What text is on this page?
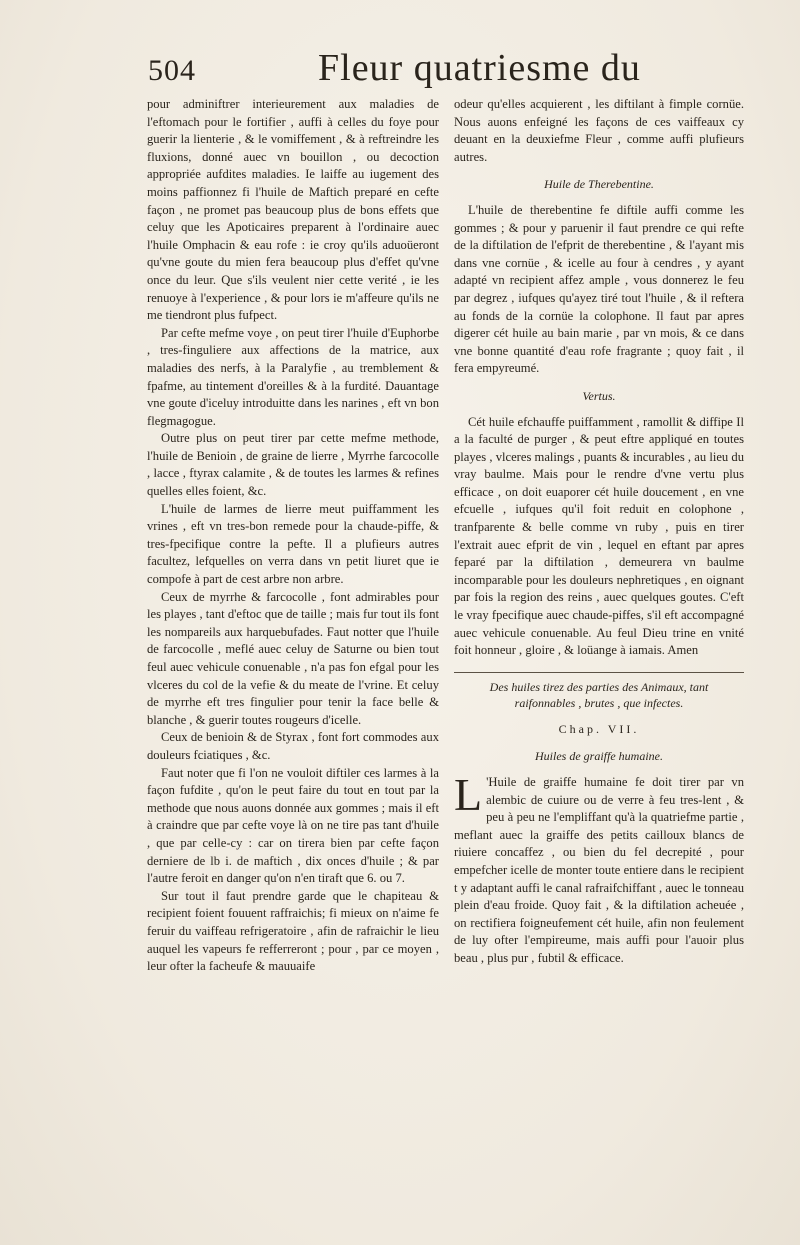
504	Fleur quatriesme du

pour adminiftrer interieurement aux maladies de l'eftomach pour le fortifier , auffi à celles du foye pour guerir la lienterie , & le vomiffement , & à reftreindre les fluxions, donné auec vn bouillon , ou decoction appropriée aufdites maladies. Ie laiffe au iugement des moins paffionnez fi l'huile de Maftich preparé en cefte façon , ne promet pas beaucoup plus de bons effets que celuy que les Apoticaires preparent à l'ordinaire auec l'huile Omphacin & eau rofe : ie croy qu'ils aduoüeront qu'vne goute du mien fera beaucoup plus d'effet qu'vne once du leur. Que s'ils veulent nier cette verité , ie les renuoye à l'experience , & pour lors ie m'affeure qu'ils ne me tiendront plus fufpect.

Par cefte mefme voye , on peut tirer l'huile d'Euphorbe , tres-finguliere aux affections de la matrice, aux maladies des nerfs, à la Paralyfie , au tremblement & fpafme, au tintement d'oreilles & à la furdité. Dauantage vne goute d'iceluy introduitte dans les narines , eft vn bon flegmagogue.

Outre plus on peut tirer par cette mefme methode, l'huile de Benioin , de graine de lierre , Myrrhe farcocolle , lacce , ftyrax calamite , & de toutes les larmes & refines quelles elles foient, &c.

L'huile de larmes de lierre meut puiffamment les vrines , eft vn tres-bon remede pour la chaude-piffe, & tres-fpecifique contre la pefte. Il a plufieurs autres facultez, lefquelles on verra dans vn petit liuret que ie compofe à part de cest arbre non arbre.

Ceux de myrrhe & farcocolle , font admirables pour les playes , tant d'eftoc que de taille ; mais fur tout ils font les nompareils aux harquebufades. Faut notter que l'huile de farcocolle , meflé auec celuy de Saturne ou bien tout feul auec vehicule conuenable , n'a pas fon efgal pour les vlceres du col de la vefie & du meate de l'vrine. Et celuy de myrrhe eft tres fingulier pour tenir la face belle & blanche , & guerir toutes rougeurs d'icelle.

Ceux de benioin & de Styrax , font fort commodes aux douleurs fciatiques , &c.

Faut noter que fi l'on ne vouloit diftiler ces larmes à la façon fufdite , qu'on le peut faire du tout en tout par la methode que nous auons donnée aux gommes ; mais il eft à craindre que par cefte voye là on ne tire pas tant d'huile , que par celle-cy : car on tirera bien par cefte façon derniere de lb i. de maftich , dix onces d'huile ; & par l'autre feroit en danger qu'on n'en tiraft que 6. ou 7.

Sur tout il faut prendre garde que le chapiteau & recipient foient fouuent raffraichis; fi mieux on n'aime fe feruir du vaiffeau refrigeratoire , afin de rafraichir le lieu auquel les vapeurs fe refferreront ; pour , par ce moyen , leur ofter la facheufe & mauuaife

odeur qu'elles acquierent , les diftilant à fimple cornüe. Nous auons enfeigné les façons de ces vaiffeaux cy deuant en la deuxiefme Fleur , comme auffi plufieurs autres.

Huile de Therebentine.

L'huile de therebentine fe diftile auffi comme les gommes ; & pour y paruenir il faut prendre ce qui refte de la diftilation de l'efprit de therebentine , & l'ayant mis dans vne cornüe , & icelle au four à cendres , y ayant adapté vn recipient affez ample , vous donnerez le feu par degrez , iufques qu'ayez tiré tout l'huile , & il reftera au fonds de la cornüe la colophone. Il faut par apres digerer cét huile au bain marie , par vn mois, & ce dans vne bonne quantité d'eau rofe fragrante ; quoy fait , il fera empyreumé.

Vertus.

Cét huile efchauffe puiffamment , ramollit & diffipe Il a la faculté de purger , & peut eftre appliqué en toutes playes , vlceres malings , puants & incurables , au lieu du vray baulme. Mais pour le rendre d'vne vertu plus efficace , on doit euaporer cét huile doucement , en vne efcuelle , iufques qu'il foit reduit en colophone , tranfparente & belle comme vn ruby , puis en tirer l'extrait auec efprit de vin , lequel en eftant par apres feparé par la diftilation , demeurera vn baulme incomparable pour les douleurs nephretiques , en oignant par fois la region des reins , auec quelques goutes. C'eft le vray fpecifique auec chaude-piffes, s'il eft accompagné auec vehicule conuenable. Au feul Dieu trine en vnité foit honneur , gloire , & loüange à iamais. Amen

Des huiles tirez des parties des Animaux, tant raifonnables , brutes , que infectes.
Chap. VII.
Huiles de graiffe humaine.

L 'Huile de graiffe humaine fe doit tirer par vn alembic de cuiure ou de verre à feu tres-lent , & peu à peu ne l'empliffant qu'à la quatriefme partie , meflant auec la graiffe des petits cailloux blancs de riuiere concaffez , ou bien du fel decrepité , pour empefcher icelle de monter toute entiere dans le recipient t y adaptant auffi le canal rafraifchiffant , auec le tonneau plein d'eau froide. Quoy fait , & la diftilation acheuée , on rectifiera foigneufement cét huile, afin non feulement de luy ofter l'empireume, mais auffi pour l'auoir plus beau , plus pur , fubtil & efficace.
